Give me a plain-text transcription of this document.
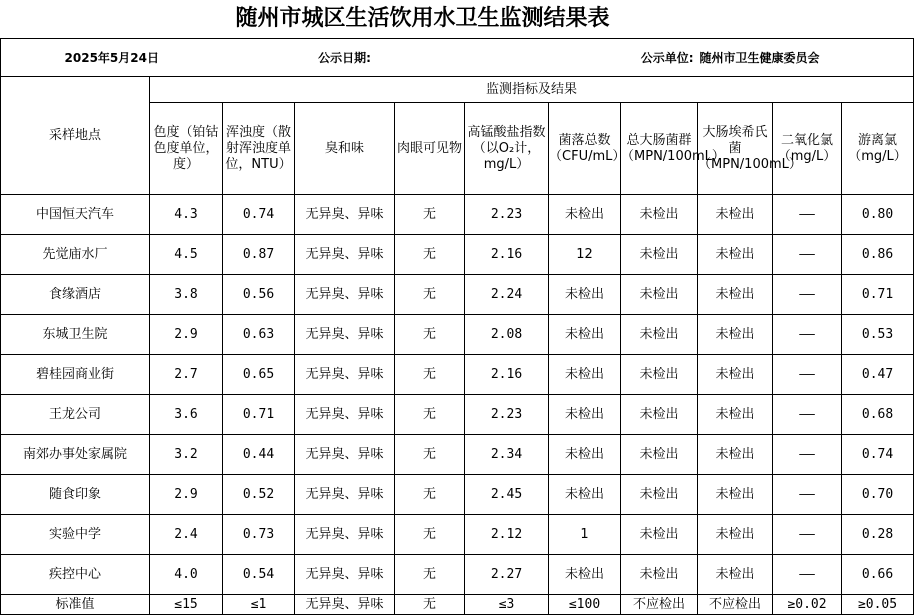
随州市城区生活饮用水卫生监测结果表
2025年5月24日			公示日期:			公示单位:		随州市卫生健康委员会		
采样地点	监测指标及结果									
	色度（铂钴色度单位，度）	浑浊度（散射浑浊度单位，NTU）	臭和味	肉眼可见物	高锰酸盐指数（以O₂计，mg/L）	菌落总数（CFU/mL）	总大肠菌群（MPN/100mL）	大肠埃希氏菌（MPN/100mL）	二氧化氯（mg/L）	游离氯（mg/L）
中国恒天汽车	4.3	0.74	无异臭、异味	无	2.23	未检出	未检出	未检出	——	0.80
先觉庙水厂	4.5	0.87	无异臭、异味	无	2.16	12	未检出	未检出	——	0.86
食缘酒店	3.8	0.56	无异臭、异味	无	2.24	未检出	未检出	未检出	——	0.71
东城卫生院	2.9	0.63	无异臭、异味	无	2.08	未检出	未检出	未检出	——	0.53
碧桂园商业街	2.7	0.65	无异臭、异味	无	2.16	未检出	未检出	未检出	——	0.47
王龙公司	3.6	0.71	无异臭、异味	无	2.23	未检出	未检出	未检出	——	0.68
南郊办事处家属院	3.2	0.44	无异臭、异味	无	2.34	未检出	未检出	未检出	——	0.74
随食印象	2.9	0.52	无异臭、异味	无	2.45	未检出	未检出	未检出	——	0.70
实验中学	2.4	0.73	无异臭、异味	无	2.12	1	未检出	未检出	——	0.28
疾控中心	4.0	0.54	无异臭、异味	无	2.27	未检出	未检出	未检出	——	0.66
标准值	≤15	≤1	无异臭、异味	无	≤3	≤100	不应检出	不应检出	≥0.02	≥0.05
